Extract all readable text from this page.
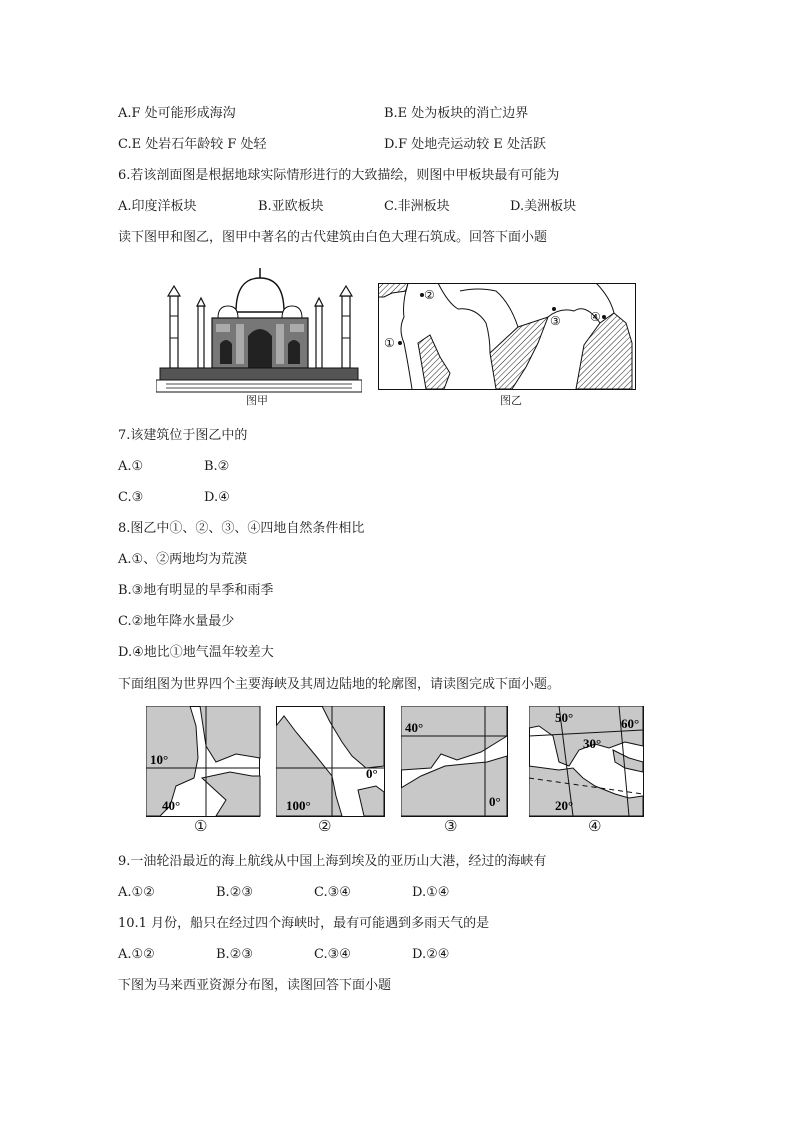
A.F 处可能形成海沟	B.E 处为板块的消亡边界
C.E 处岩石年龄较 F 处轻	D.F 处地壳运动较 E 处活跃
6.若该剖面图是根据地球实际情形进行的大致描绘，则图中甲板块最有可能为
A.印度洋板块	B.亚欧板块	C.非洲板块	D.美洲板块
读下图甲和图乙，图甲中著名的古代建筑由白色大理石筑成。回答下面小题
图甲
①
②
③ ④
图乙
7.该建筑位于图乙中的
A.①	B.②
C.③	D.④
8.图乙中①、②、③、④四地自然条件相比
A.①、②两地均为荒漠
B.③地有明显的旱季和雨季
C.②地年降水量最少
D.④地比①地气温年较差大
下面组图为世界四个主要海峡及其周边陆地的轮廓图，请读图完成下面小题。
10°
40°
①
0°
100°
②
40°
0°
③
50°	60°
30°
20°
④
9.一油轮沿最近的海上航线从中国上海到埃及的亚历山大港，经过的海峡有
A.①②	B.②③	C.③④	D.①④
10.1 月份，船只在经过四个海峡时，最有可能遇到多雨天气的是
A.①②	B.②③	C.③④	D.②④
下图为马来西亚资源分布图，读图回答下面小题
